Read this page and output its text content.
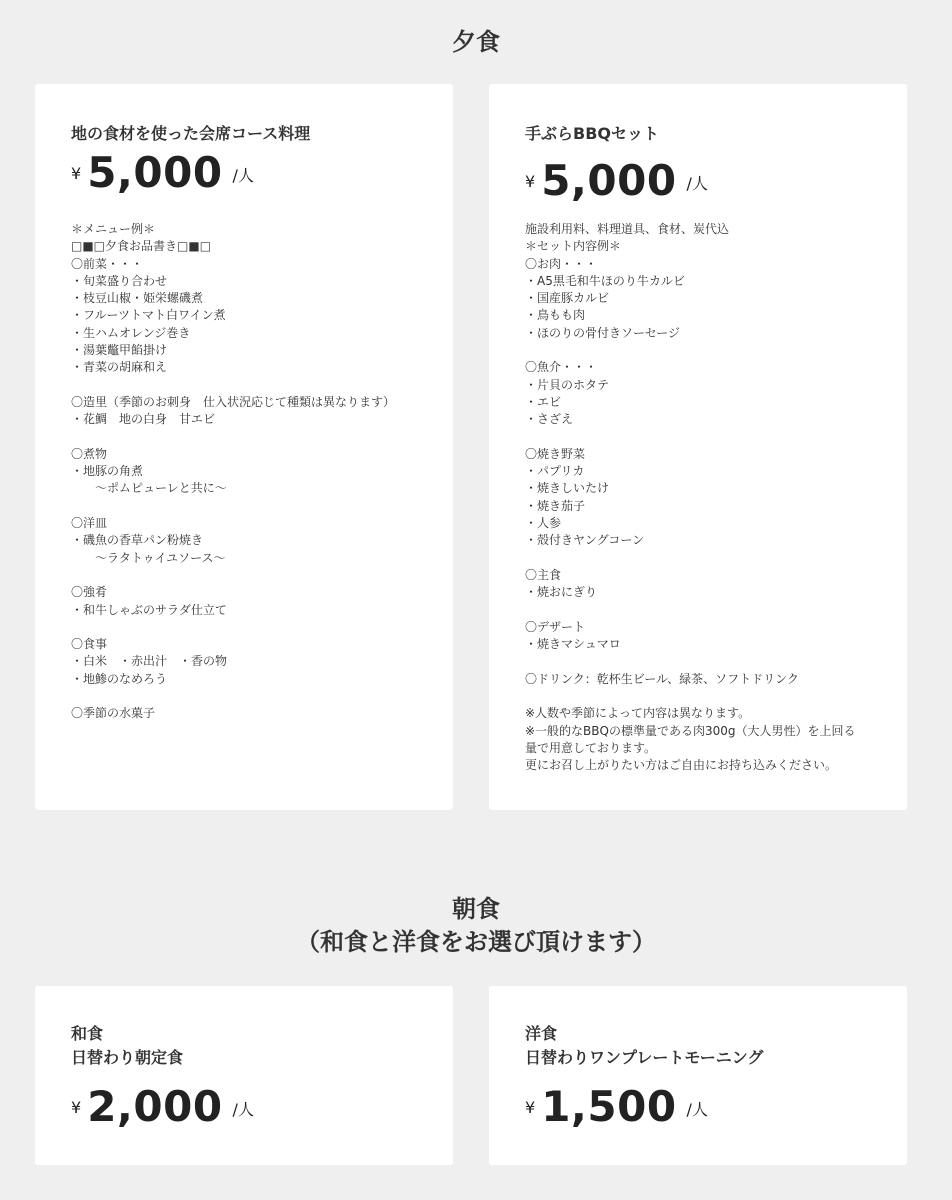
夕食
地の食材を使った会席コース料理
¥ 5,000 /人
＊メニュー例＊
□■□夕食お品書き□■□
〇前菜・・・
・旬菜盛り合わせ
・枝豆山椒・姫栄螺磯煮
・フルーツトマト白ワイン煮
・生ハムオレンジ巻き
・湯葉鼈甲餡掛け
・青菜の胡麻和え
〇造里（季節のお刺身　仕入状況応じて種類は異なります）
・花鯛　地の白身　甘エビ
〇煮物
・地豚の角煮
　　〜ポムピューレと共に〜
〇洋皿
・磯魚の香草パン粉焼き
　　〜ラタトゥイユソース〜
〇強肴
・和牛しゃぶのサラダ仕立て
〇食事
・白米　・赤出汁　・香の物
・地鯵のなめろう
〇季節の水菓子
手ぶらBBQセット
¥ 5,000 /人
施設利用料、料理道具、食材、炭代込
＊セット内容例＊
〇お肉・・・
・A5黒毛和牛ほのり牛カルビ
・国産豚カルビ
・鳥もも肉
・ほのりの骨付きソーセージ
〇魚介・・・
・片貝のホタテ
・エビ
・さざえ
〇焼き野菜
・パプリカ
・焼きしいたけ
・焼き茄子
・人参
・殻付きヤングコーン
〇主食
・焼おにぎり
〇デザート
・焼きマシュマロ
〇ドリンク：乾杯生ビール、緑茶、ソフトドリンク
※人数や季節によって内容は異なります。
※一般的なBBQの標準量である肉300g（大人男性）を上回る
量で用意しております。
更にお召し上がりたい方はご自由にお持ち込みください。
朝食
（和食と洋食をお選び頂けます）
和食
日替わり朝定食
¥ 2,000 /人
洋食
日替わりワンプレートモーニング
¥ 1,500 /人
